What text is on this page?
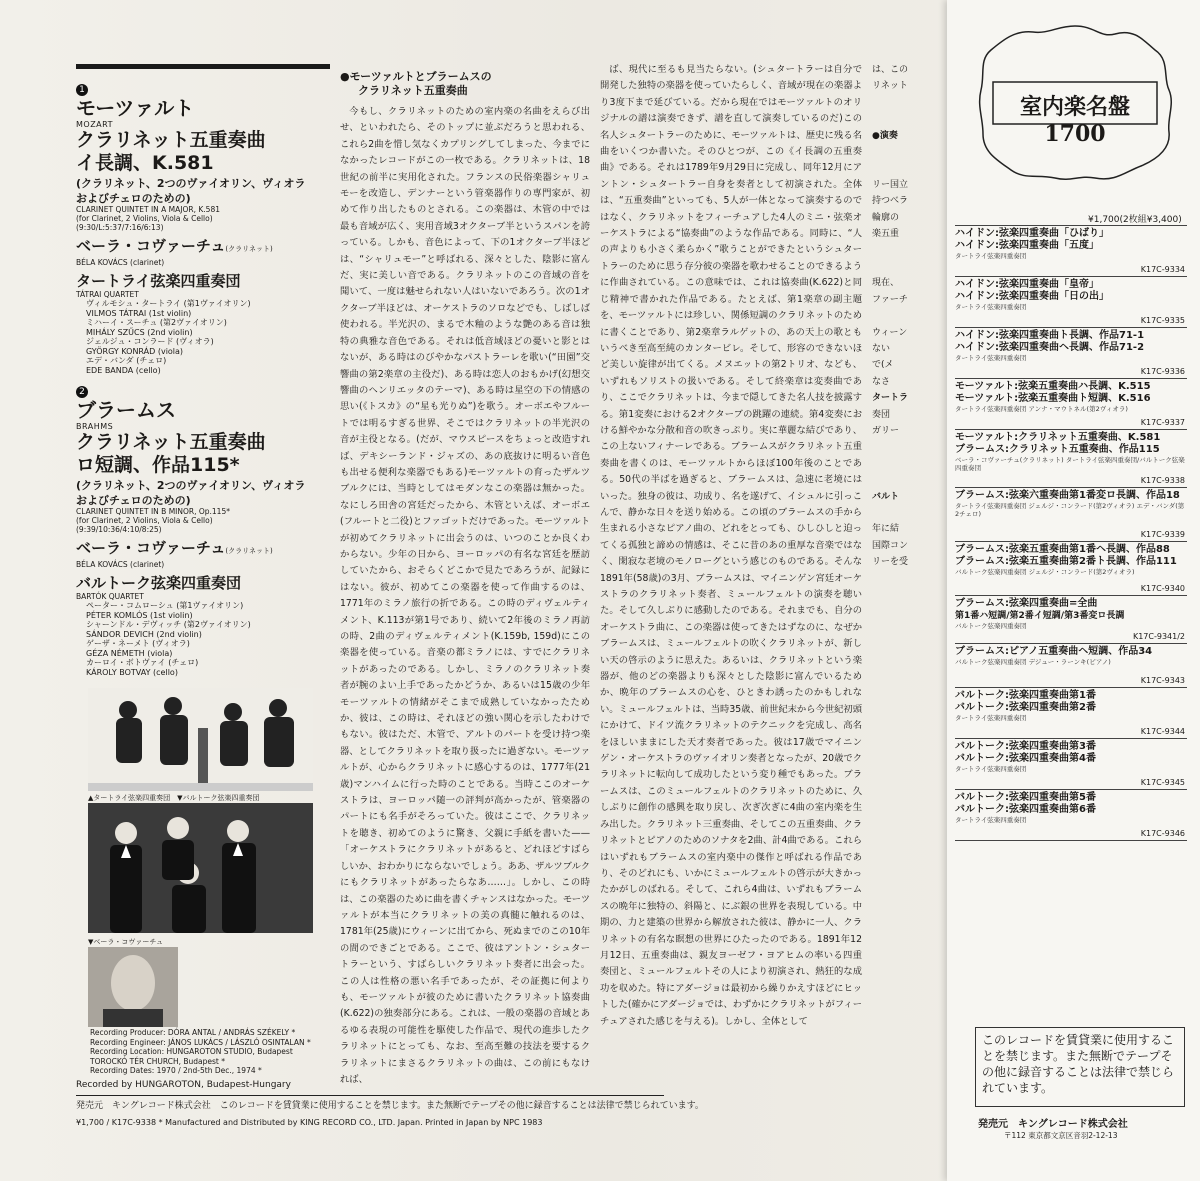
1

モーツァルト

MOZART

クラリネット五重奏曲

イ長調、K.581

(クラリネット、2つのヴァイオリン、ヴィオラ

およびチェロのための)

CLARINET QUINTET IN A MAJOR, K.581

(for Clarinet, 2 Violins, Viola & Cello)

(9:30/L:5:37/7:16/6:13)

ベーラ・コヴァーチュ(クラリネット)

BÉLA KOVÁCS (clarinet)

タートライ弦楽四重奏団

TÁTRAI QUARTET

ヴィルモシュ・タートライ (第1ヴァイオリン)

VILMOS TÁTRAI (1st violin)

ミハーイ・スーチュ (第2ヴァイオリン)

MIHÁLY SZŰCS (2nd violin)

ジェルジュ・コンラード (ヴィオラ)

GYÖRGY KONRÁD (viola)

エデ・バンダ (チェロ)

EDE BANDA (cello)

2

ブラームス

BRAHMS

クラリネット五重奏曲

ロ短調、作品115*

(クラリネット、2つのヴァイオリン、ヴィオラ

およびチェロのための)

CLARINET QUINTET IN B MINOR, Op.115*

(for Clarinet, 2 Violins, Viola & Cello)

(9:39/10:36/4:10/8:25)

ベーラ・コヴァーチュ(クラリネット)

BÉLA KOVÁCS (clarinet)

バルトーク弦楽四重奏団

BARTÓK QUARTET

ペーター・コムローシュ (第1ヴァイオリン)

PÉTER KOMLÓS (1st violin)

シャーンドル・デヴィッチ (第2ヴァイオリン)

SÁNDOR DEVICH (2nd violin)

ゲーザ・ネーメト (ヴィオラ)

GÉZA NÉMETH (viola)

カーロイ・ボトヴァイ (チェロ)

KÁROLY BOTVAY (cello)

▲タートライ弦楽四重奏団　▼バルトーク弦楽四重奏団
▼ベーラ・コヴァーチュ
Recording Producer: DÓRA ANTAL / ANDRÁS SZÉKELY *
Recording Engineer: JÁNOS LUKÁCS / LÁSZLÓ OSINTALAN *
Recording Location: HUNGAROTON STUDIO, Budapest
TOROCKÓ TÉR CHURCH, Budapest *
Recording Dates: 1970 / 2nd-5th Dec., 1974 *
Recorded by HUNGAROTON, Budapest-Hungary
発売元　キングレコード株式会社　このレコードを賃貸業に使用することを禁じます。また無断でテープその他に録音することは法律で禁じられています。
¥1,700 / K17C-9338 * Manufactured and Distributed by KING RECORD CO., LTD. Japan. Printed in Japan by NPC 1983
●モーツァルトとブラームスの
クラリネット五重奏曲

今もし、クラリネットのための室内楽の名曲をえらび出せ、といわれたら、そのトップに並ぶだろうと思われる、これら2曲を惜し気なくカプリングしてしまった、今までになかったレコードがこの一枚である。クラリネットは、18世紀の前半に実用化された。フランスの民俗楽器シャリュモーを改造し、デンナーという管楽器作りの専門家が、初めて作り出したものとされる。この楽器は、木管の中では最も音域が広く、実用音域3オクターブ半というスパンを誇っている。しかも、音色によって、下の1オクターブ半ほどは、“シャリュモー”と呼ばれる、深々とした、陰影に富んだ、実に美しい音である。クラリネットのこの音域の音を聞いて、一度は魅せられない人はいないであろう。次の1オクターブ半ほどは、オーケストラのソロなどでも、しばしば使われる。半光沢の、まるで木釉のような艶のある音は独特の典雅な音色である。それは低音域ほどの憂いと影とはないが、ある時はのびやかなパストラーレを歌い(“田園”交響曲の第2楽章の主役だ)、ある時は恋人のおもかげ(幻想交響曲のヘンリエッタのテーマ)、ある時は星空の下の情感の思い(《トスカ》の“星も光りぬ”)を歌う。オーボエやフルートでは明るすぎる世界、そこではクラリネットの半光沢の音が主役となる。(だが、マウスピースをちょっと改造すれば、デキシーランド・ジャズの、あの底抜けに明るい音色も出せる便利な楽器でもある)モーツァルトの育ったザルツブルクには、当時としてはモダンなこの楽器は無かった。なにしろ田舎の宮廷だったから、木管といえば、オーボエ(フルートと二役)とファゴットだけであった。モーツァルトが初めてクラリネットに出会うのは、いつのことか良くわからない。少年の日から、ヨーロッパの有名な宮廷を歴訪していたから、おそらくどこかで見たであろうが、記録にはない。彼が、初めてこの楽器を使って作曲するのは、1771年のミラノ旅行の折である。この時のディヴェルティメント、K.113が第1号であり、続いて2年後のミラノ再訪の時、2曲のディヴェルティメント(K.159b, 159d)にこの楽器を使っている。音楽の都ミラノには、すでにクラリネットがあったのである。しかし、ミラノのクラリネット奏者が腕のよい上手であったかどうか、あるいは15歳の少年モーツァルトの情緒がそこまで成熟していなかったためか、彼は、この時は、それほどの強い関心を示したわけでもない。彼はただ、木管で、アルトのパートを受け持つ楽器、としてクラリネットを取り扱ったに過ぎない。モーツァルトが、心からクラリネットに感心するのは、1777年(21歳)マンハイムに行った時のことである。当時ここのオーケストラは、ヨーロッパ随一の評判が高かったが、管楽器のパートにも名手がそろっていた。彼はここで、クラリネットを聴き、初めてのように驚き、父親に手紙を書いた——「オーケストラにクラリネットがあると、どれほどすばらしいか、おわかりにならないでしょう。ああ、ザルツブルクにもクラリネットがあったらなあ……」。しかし、この時は、この楽器のために曲を書くチャンスはなかった。モーツァルトが本当にクラリネットの美の真髄に触れるのは、1781年(25歳)にウィーンに出てから、死ぬまでのこの10年の間のできごとである。ここで、彼はアントン・シュタートラーという、すばらしいクラリネット奏者に出会った。この人は性格の悪い名手であったが、その証拠に何よりも、モーツァルトが彼のために書いたクラリネット協奏曲(K.622)の独奏部分にある。これは、一般の楽器の音域とあるゆる表現の可能性を駆使した作品で、現代の進歩したクラリネットにとっても、なお、至高至難の技法を要するクラリネットにまさるクラリネットの曲は、この前にもなければ、

ば、現代に至るも見当たらない。(シュタートラーは自分で開発した独特の楽器を使っていたらしく、音域が現在の楽器より3度下まで延びている。だから現在ではモーツァルトのオリジナルの譜は演奏できず、譜を直して演奏しているのだ)この名人シュタートラーのために、モーツァルトは、歴史に残る名曲をいくつか書いた。そのひとつが、この《イ長調の五重奏曲》である。それは1789年9月29日に完成し、同年12月にアントン・シュタートラー自身を奏者として初演された。全体は、“五重奏曲”といっても、5人が一体となって演奏するのではなく、クラリネットをフィーチュアした4人のミニ・弦楽オーケストラによる“協奏曲”のような作品である。同時に、“人の声よりも小さく柔らかく”歌うことができたというシュタートラーのために思う存分彼の楽器を歌わせることのできるように作曲されている。この意味では、これは協奏曲(K.622)と同じ精神で書かれた作品である。たとえば、第1楽章の副主題を、モーツァルトには珍しい、関係短調のクラリネットのために書くことであり、第2楽章ラルゲットの、あの天上の歌ともいうべき至高至純のカンタービレ。そして、形容のできないほど美しい旋律が出てくる。メヌエットの第2トリオ、なども、いずれもソリストの扱いである。そして終楽章は変奏曲であり、ここでクラリネットは、今まで隠してきた名人技を披露する。第1変奏における2オクターブの跳躍の連続。第4変奏における鮮やかな分散和音の吹きっぷり。実に華麗な結びであり、この上ないフィナーレである。ブラームスがクラリネット五重奏曲を書くのは、モーツァルトからほぼ100年後のことである。50代の半ばを過ぎると、ブラームスは、急速に老境にはいった。独身の彼は、功成り、名を遂げて、イシュルに引っこんで、静かな日々を送り始める。この頃のブラームスの手から生まれる小さなピアノ曲の、どれをとっても、ひしひしと迫ってくる孤独と諦めの情感は、そこに昔のあの重厚な音楽ではなく、閑寂な老境のモノローグという感じのものである。そんな1891年(58歳)の3月、ブラームスは、マイニンゲン宮廷オーケストラのクラリネット奏者、ミュールフェルトの演奏を聴いた。そして久しぶりに感動したのである。それまでも、自分のオーケストラ曲に、この楽器は使ってきたはずなのに、なぜかブラームスは、ミュールフェルトの吹くクラリネットが、新しい天の啓示のように思えた。あるいは、クラリネットという楽器が、他のどの楽器よりも深々とした陰影に富んでいるためか、晩年のブラームスの心を、ひときわ誘ったのかもしれない。ミュールフェルトは、当時35歳、前世紀末から今世紀初頭にかけて、ドイツ流クラリネットのテクニックを完成し、高名をほしいままにした天才奏者であった。彼は17歳でマイニンゲン・オーケストラのヴァイオリン奏者となったが、20歳でクラリネットに転向して成功したという変り種でもあった。ブラームスは、このミュールフェルトのクラリネットのために、久しぶりに創作の感興を取り戻し、次ぎ次ぎに4曲の室内楽を生み出した。クラリネット三重奏曲、そしてこの五重奏曲、クラリネットとピアノのためのソナタを2曲、計4曲である。これらはいずれもブラームスの室内楽中の傑作と呼ばれる作品であり、そのどれにも、いかにミュールフェルトの啓示が大きかったかがしのばれる。そして、これら4曲は、いずれもブラームスの晩年に独特の、斜陽と、にぶ銀の世界を表現している。中期の、力と建築の世界から解放された彼は、静かに一人、クラリネットの有名な瞑想の世界にひたったのである。1891年12月12日、五重奏曲は、親友ヨーゼフ・ヨアヒムの率いる四重奏団と、ミュールフェルトその人により初演され、熱狂的な成功を収めた。特にアダージョは最初から繰りかえすほどにヒットした(確かにアダージョでは、わずかにクラリネットがフィーチュアされた感じを与える)。しかし、全体として

は、この
リネット

●演奏

リー国立
持つべラ
輪廓の
楽五重

現在、
ファーチ

ウィーン
ない
で(メ
なさ
タートラ
奏団
ガリー

バルト

年に結
国際コン
リーを受
室内楽名盤1700
¥1,700(2枚組¥3,400)
ハイドン:弦楽四重奏曲「ひばり」
ハイドン:弦楽四重奏曲「五度」
タートライ弦楽四重奏団
K17C-9334
ハイドン:弦楽四重奏曲「皇帝」
ハイドン:弦楽四重奏曲「日の出」
タートライ弦楽四重奏団
K17C-9335
ハイドン:弦楽四重奏曲ト長調、作品71-1
ハイドン:弦楽四重奏曲ヘ長調、作品71-2
タートライ弦楽四重奏団
K17C-9336
モーツァルト:弦楽五重奏曲ハ長調、K.515
モーツァルト:弦楽五重奏曲ト短調、K.516
タートライ弦楽四重奏団 アンナ・マウトネル(第2ヴィオラ)
K17C-9337
モーツァルト:クラリネット五重奏曲、K.581
ブラームス:クラリネット五重奏曲、作品115
ベーラ・コヴァーチュ(クラリネット) タートライ弦楽四重奏団/バルトーク弦楽四重奏団
K17C-9338
ブラームス:弦楽六重奏曲第1番変ロ長調、作品18
タートライ弦楽四重奏団 ジェルジ・コンラード(第2ヴィオラ) エデ・バンダ(第2チェロ)
K17C-9339
ブラームス:弦楽五重奏曲第1番ヘ長調、作品88
ブラームス:弦楽五重奏曲第2番ト長調、作品111
バルトーク弦楽四重奏団 ジェルジ・コンラード(第2ヴィオラ)
K17C-9340
ブラームス:弦楽四重奏曲=全曲
第1番ハ短調/第2番イ短調/第3番変ロ長調
バルトーク弦楽四重奏団
K17C-9341/2
ブラームス:ピアノ五重奏曲ヘ短調、作品34
バルトーク弦楽四重奏団 デジュー・ラーンキ(ピアノ)
K17C-9343
バルトーク:弦楽四重奏曲第1番
バルトーク:弦楽四重奏曲第2番
タートライ弦楽四重奏団
K17C-9344
バルトーク:弦楽四重奏曲第3番
バルトーク:弦楽四重奏曲第4番
タートライ弦楽四重奏団
K17C-9345
バルトーク:弦楽四重奏曲第5番
バルトーク:弦楽四重奏曲第6番
タートライ弦楽四重奏団
K17C-9346
このレコードを賃貸業に使用することを禁じます。また無断でテープその他に録音することは法律で禁じられています。
発売元　キングレコード株式会社
〒112 東京都文京区音羽2-12-13
